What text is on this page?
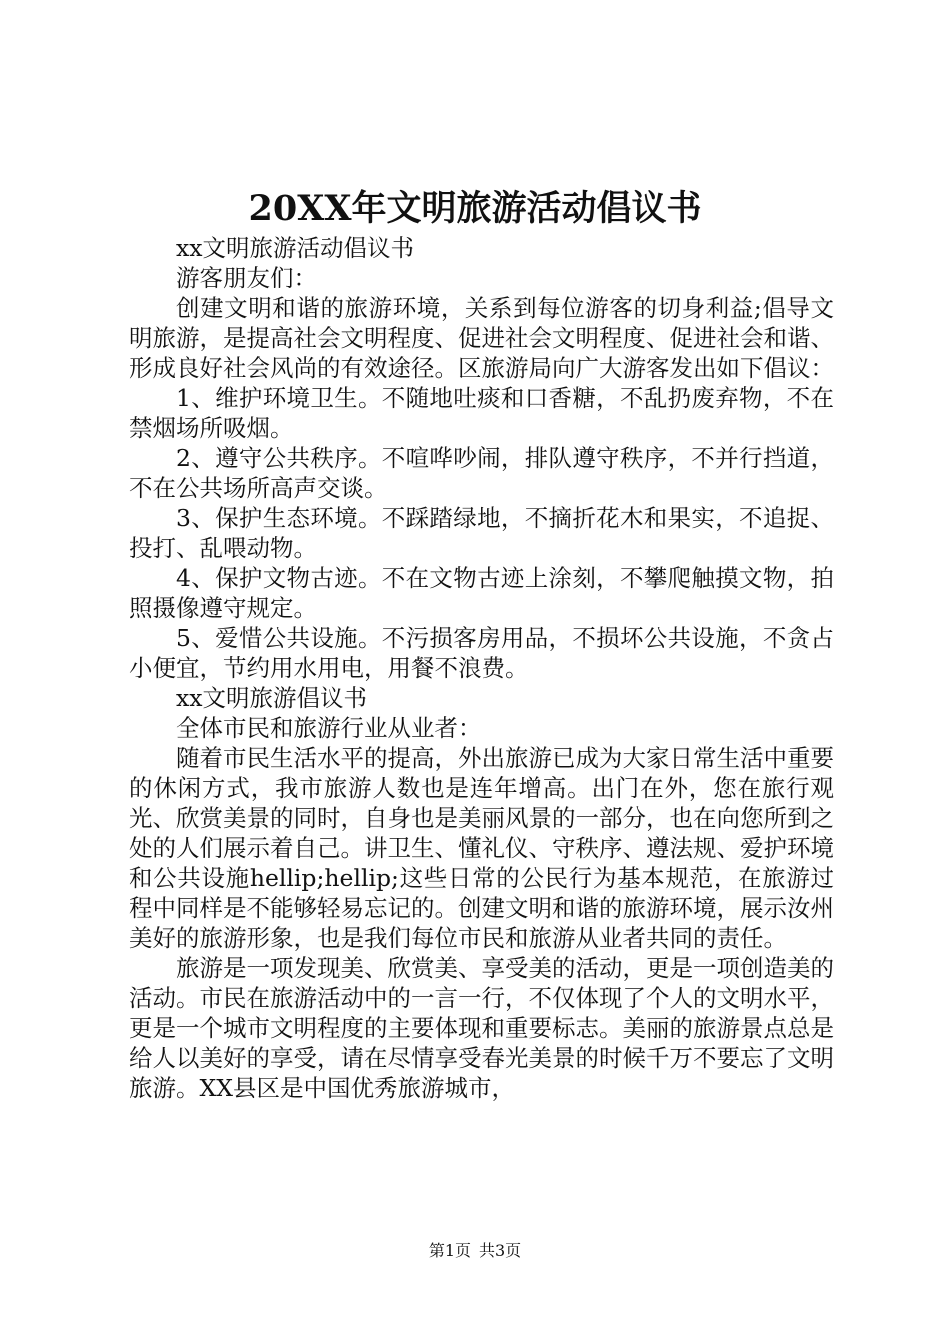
20XX年文明旅游活动倡议书

xx文明旅游活动倡议书

游客朋友们：

创建文明和谐的旅游环境，关系到每位游客的切身利益;倡导文明旅游，是提高社会文明程度、促进社会文明程度、促进社会和谐、形成良好社会风尚的有效途径。区旅游局向广大游客发出如下倡议：

1、维护环境卫生。不随地吐痰和口香糖，不乱扔废弃物，不在禁烟场所吸烟。

2、遵守公共秩序。不喧哗吵闹，排队遵守秩序，不并行挡道，不在公共场所高声交谈。

3、保护生态环境。不踩踏绿地，不摘折花木和果实，不追捉、投打、乱喂动物。

4、保护文物古迹。不在文物古迹上涂刻，不攀爬触摸文物，拍照摄像遵守规定。

5、爱惜公共设施。不污损客房用品，不损坏公共设施，不贪占小便宜，节约用水用电，用餐不浪费。

xx文明旅游倡议书

全体市民和旅游行业从业者：

随着市民生活水平的提高，外出旅游已成为大家日常生活中重要的休闲方式，我市旅游人数也是连年增高。出门在外，您在旅行观光、欣赏美景的同时，自身也是美丽风景的一部分，也在向您所到之处的人们展示着自己。讲卫生、懂礼仪、守秩序、遵法规、爱护环境和公共设施hellip;hellip;这些日常的公民行为基本规范，在旅游过程中同样是不能够轻易忘记的。创建文明和谐的旅游环境，展示汝州美好的旅游形象，也是我们每位市民和旅游从业者共同的责任。

旅游是一项发现美、欣赏美、享受美的活动，更是一项创造美的活动。市民在旅游活动中的一言一行，不仅体现了个人的文明水平，更是一个城市文明程度的主要体现和重要标志。美丽的旅游景点总是给人以美好的享受，请在尽情享受春光美景的时候千万不要忘了文明旅游。XX县区是中国优秀旅游城市，

第1页 共3页
